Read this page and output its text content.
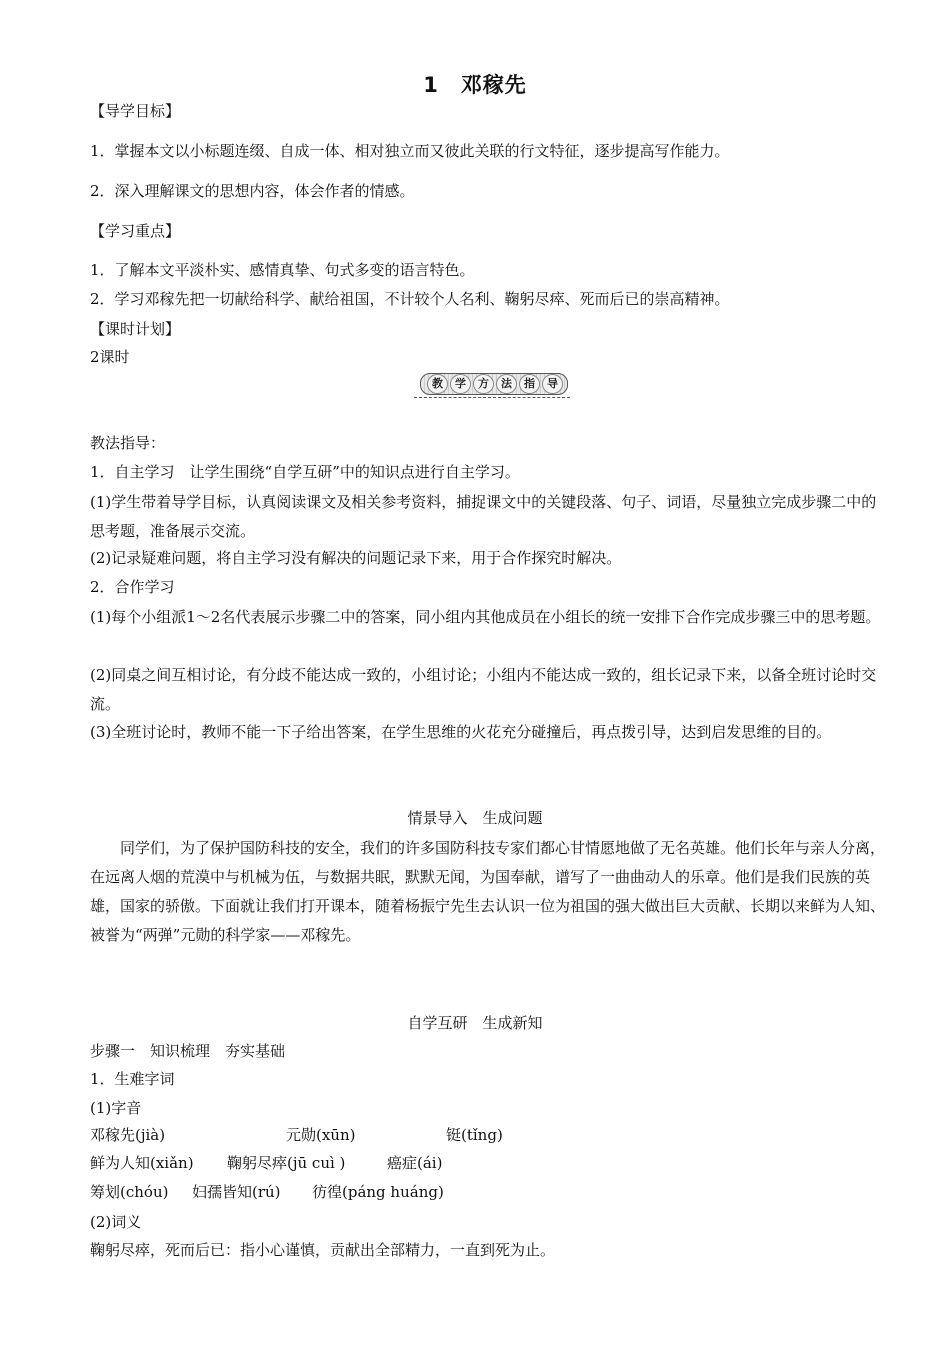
1 邓稼先
【导学目标】
1．掌握本文以小标题连缀、自成一体、相对独立而又彼此关联的行文特征，逐步提高写作能力。
2．深入理解课文的思想内容，体会作者的情感。
【学习重点】
1．了解本文平淡朴实、感情真挚、句式多变的语言特色。
2．学习邓稼先把一切献给科学、献给祖国，不计较个人名利、鞠躬尽瘁、死而后已的崇高精神。
【课时计划】
2课时
教	学	方	法	指	导
教法指导：
1．自主学习　让学生围绕“自学互研”中的知识点进行自主学习。
(1)学生带着导学目标，认真阅读课文及相关参考资料，捕捉课文中的关键段落、句子、词语，尽量独立完成步骤二中的思考题，准备展示交流。
(2)记录疑难问题，将自主学习没有解决的问题记录下来，用于合作探究时解决。
2．合作学习
(1)每个小组派1～2名代表展示步骤二中的答案，同小组内其他成员在小组长的统一安排下合作完成步骤三中的思考题。
(2)同桌之间互相讨论，有分歧不能达成一致的，小组讨论；小组内不能达成一致的，组长记录下来，以备全班讨论时交流。
(3)全班讨论时，教师不能一下子给出答案，在学生思维的火花充分碰撞后，再点拨引导，达到启发思维的目的。
情景导入　生成问题
同学们，为了保护国防科技的安全，我们的许多国防科技专家们都心甘情愿地做了无名英雄。他们长年与亲人分离，在远离人烟的荒漠中与机械为伍，与数据共眠，默默无闻，为国奉献，谱写了一曲曲动人的乐章。他们是我们民族的英雄，国家的骄傲。下面就让我们打开课本，随着杨振宁先生去认识一位为祖国的强大做出巨大贡献、长期以来鲜为人知、被誉为“两弹”元勋的科学家——邓稼先。
自学互研　生成新知
步骤一　知识梳理　夯实基础
1．生难字词
(1)字音
邓稼先(jià)	元勋(xūn)	铤(tǐng)
鲜为人知(xiǎn) 鞠躬尽瘁(jū cuì )	癌症(ái)
筹划(chóu) 妇孺皆知(rú) 彷徨(páng huáng)
(2)词义
鞠躬尽瘁，死而后已：指小心谨慎，贡献出全部精力，一直到死为止。
